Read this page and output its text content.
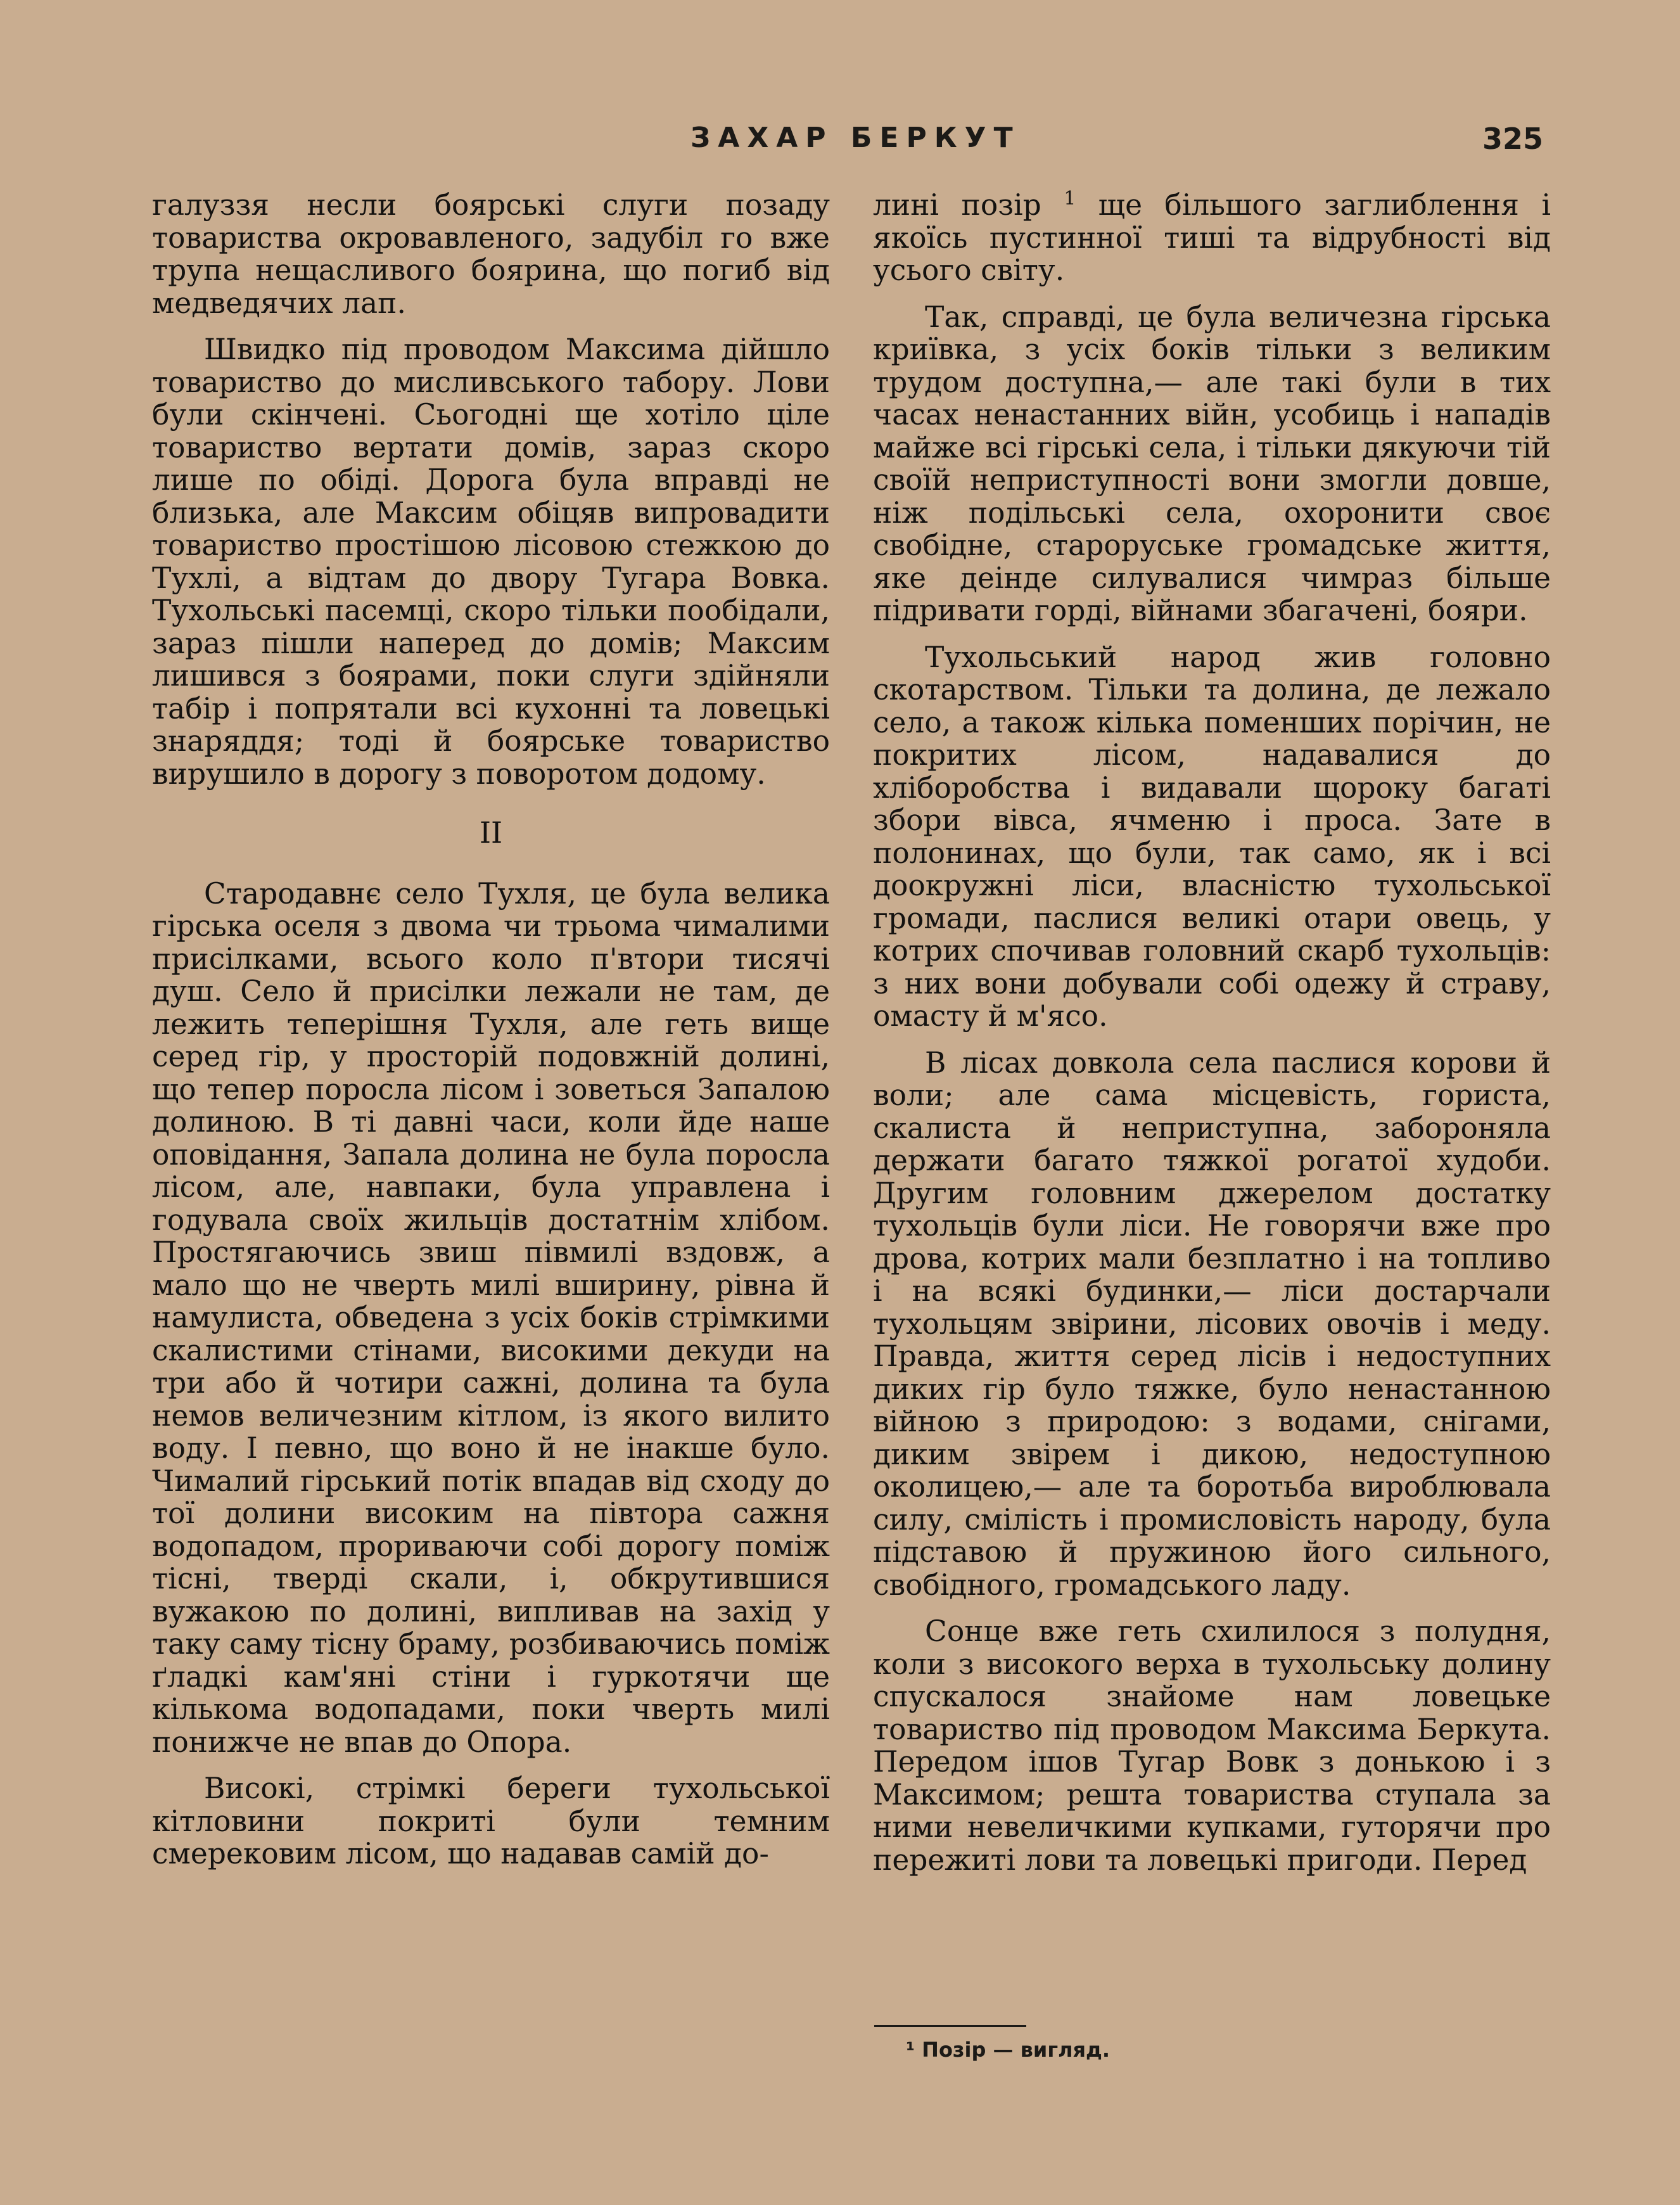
ЗАХАР БЕРКУТ	325

галуззя несли боярські слуги позаду товариства окровавленого, задубіл го вже трупа нещасливого боярина, що погиб від медведячих лап.

Швидко під проводом Максима дійшло товариство до мисливського табору. Лови були скінчені. Сьогодні ще хотіло ціле товариство вертати домів, зараз скоро лише по обіді. Дорога була вправді не близька, але Максим обіцяв випровадити товариство простішою лісовою стежкою до Тухлі, а відтам до двору Тугара Вовка. Тухольські пасемці, скоро тільки пообідали, зараз пішли наперед до домів; Максим лишився з боярами, поки слуги здійняли табір і попрятали всі кухонні та ловецькі знаряддя; тоді й боярське товариство вирушило в дорогу з поворотом додому.

II

Стародавнє село Тухля, це була велика гірська оселя з двома чи трьома чималими присілками, всього коло п'втори тисячі душ. Село й присілки лежали не там, де лежить теперішня Тухля, але геть вище серед гір, у просторій подовжній долині, що тепер поросла лісом і зоветься Запалою долиною. В ті давні часи, коли йде наше оповідання, Запала долина не була поросла лісом, але, навпаки, була управлена і годувала своїх жильців достатнім хлібом. Простягаючись звиш півмилі вздовж, а мало що не чверть милі вширину, рівна й намулиста, обведена з усіх боків стрімкими скалистими стінами, високими декуди на три або й чотири сажні, долина та була немов величезним кітлом, із якого вилито воду. І певно, що воно й не інакше було. Чималий гірський потік впадав від сходу до тої долини високим на півтора сажня водопадом, прориваючи собі дорогу поміж тісні, тверді скали, і, обкрутившися вужакою по долині, випливав на захід у таку саму тісну браму, розбиваючись поміж ґладкі кам'яні стіни і гуркотячи ще кількома водопадами, поки чверть милі понижче не впав до Опора.

Високі, стрімкі береги тухольської кітловини покриті були темним смерековим лісом, що надавав самій до-

лині позір $^1$ ще більшого заглиблення і якоїсь пустинної тиші та відрубності від усього світу.

Так, справді, це була величезна гірська криївка, з усіх боків тільки з великим трудом доступна,— але такі були в тих часах ненастанних війн, усобиць і нападів майже всі гірські села, і тільки дякуючи тій своїй неприступності вони змогли довше, ніж подільські села, охоронити своє свобідне, староруське громадське життя, яке деінде силувалися чимраз більше підривати горді, війнами збагачені, бояри.

Тухольський народ жив головно скотарством. Тільки та долина, де лежало село, а також кілька поменших порічин, не покритих лісом, надавалися до хліборобства і видавали щороку багаті збори вівса, ячменю і проса. Зате в полонинах, що були, так само, як і всі доокружні ліси, власністю тухольської громади, паслися великі отари овець, у котрих спочивав головний скарб тухольців: з них вони добували собі одежу й страву, омасту й м'ясо.

В лісах довкола села паслися корови й воли; але сама місцевість, гориста, скалиста й неприступна, забороняла держати багато тяжкої рогатої худоби. Другим головним джерелом достатку тухольців були ліси. Не говорячи вже про дрова, котрих мали безплатно і на топливо і на всякі будинки,— ліси достарчали тухольцям звірини, лісових овочів і меду. Правда, життя серед лісів і недоступних диких гір було тяжке, було ненастанною війною з природою: з водами, снігами, диким звірем і дикою, недоступною околицею,— але та боротьба вироблювала силу, смілість і промисловість народу, була підставою й пружиною його сильного, свобідного, громадського ладу.

Сонце вже геть схилилося з полудня, коли з високого верха в тухольську долину спускалося знайоме нам ловецьке товариство під проводом Максима Беркута. Передом ішов Тугар Вовк з донькою і з Максимом; решта товариства ступала за ними невеличкими купками, гуторячи про пережиті лови та ловецькі пригоди. Перед

¹ Позір — вигляд.
